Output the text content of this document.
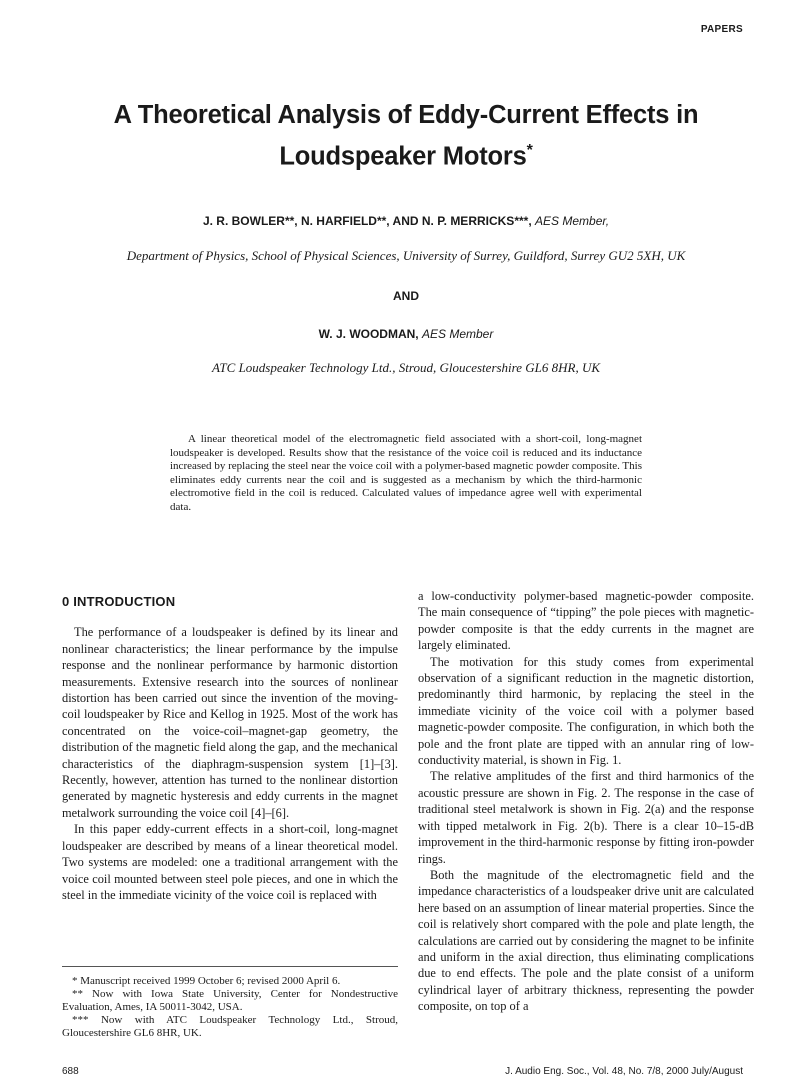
PAPERS
A Theoretical Analysis of Eddy-Current Effects in
Loudspeaker Motors*
J. R. BOWLER**, N. HARFIELD**, AND N. P. MERRICKS***, AES Member,
Department of Physics, School of Physical Sciences, University of Surrey, Guildford, Surrey GU2 5XH, UK
AND
W. J. WOODMAN, AES Member
ATC Loudspeaker Technology Ltd., Stroud, Gloucestershire GL6 8HR, UK

A linear theoretical model of the electromagnetic field associated with a short-coil, long-magnet loudspeaker is developed. Results show that the resistance of the voice coil is reduced and its inductance increased by replacing the steel near the voice coil with a polymer-based magnetic powder composite. This eliminates eddy currents near the coil and is suggested as a mechanism by which the third-harmonic electromotive field in the coil is reduced. Calculated values of impedance agree well with experimental data.

0 INTRODUCTION

The performance of a loudspeaker is defined by its linear and nonlinear characteristics; the linear performance by the impulse response and the nonlinear performance by harmonic distortion measurements. Extensive research into the sources of nonlinear distortion has been carried out since the invention of the moving-coil loudspeaker by Rice and Kellog in 1925. Most of the work has concentrated on the voice-coil–magnet-gap geometry, the distribution of the magnetic field along the gap, and the mechanical characteristics of the diaphragm-suspension system [1]–[3]. Recently, however, attention has turned to the nonlinear distortion generated by magnetic hysteresis and eddy currents in the magnet metalwork surrounding the voice coil [4]–[6].

In this paper eddy-current effects in a short-coil, long-magnet loudspeaker are described by means of a linear theoretical model. Two systems are modeled: one a traditional arrangement with the voice coil mounted between steel pole pieces, and one in which the steel in the immediate vicinity of the voice coil is replaced with

a low-conductivity polymer-based magnetic-powder composite. The main consequence of “tipping” the pole pieces with magnetic-powder composite is that the eddy currents in the magnet are largely eliminated.

The motivation for this study comes from experimental observation of a significant reduction in the magnetic distortion, predominantly third harmonic, by replacing the steel in the immediate vicinity of the voice coil with a polymer based magnetic-powder composite. The configuration, in which both the pole and the front plate are tipped with an annular ring of low-conductivity material, is shown in Fig. 1.

The relative amplitudes of the first and third harmonics of the acoustic pressure are shown in Fig. 2. The response in the case of traditional steel metalwork is shown in Fig. 2(a) and the response with tipped metalwork in Fig. 2(b). There is a clear 10–15-dB improvement in the third-harmonic response by fitting iron-powder rings.

Both the magnitude of the electromagnetic field and the impedance characteristics of a loudspeaker drive unit are calculated here based on an assumption of linear material properties. Since the coil is relatively short compared with the pole and plate length, the calculations are carried out by considering the magnet to be infinite and uniform in the axial direction, thus eliminating complications due to end effects. The pole and the plate consist of a uniform cylindrical layer of arbitrary thickness, representing the powder composite, on top of a

* Manuscript received 1999 October 6; revised 2000 April 6.

** Now with Iowa State University, Center for Nondestructive Evaluation, Ames, IA 50011-3042, USA.

*** Now with ATC Loudspeaker Technology Ltd., Stroud, Gloucestershire GL6 8HR, UK.

688	J. Audio Eng. Soc., Vol. 48, No. 7/8, 2000 July/August
